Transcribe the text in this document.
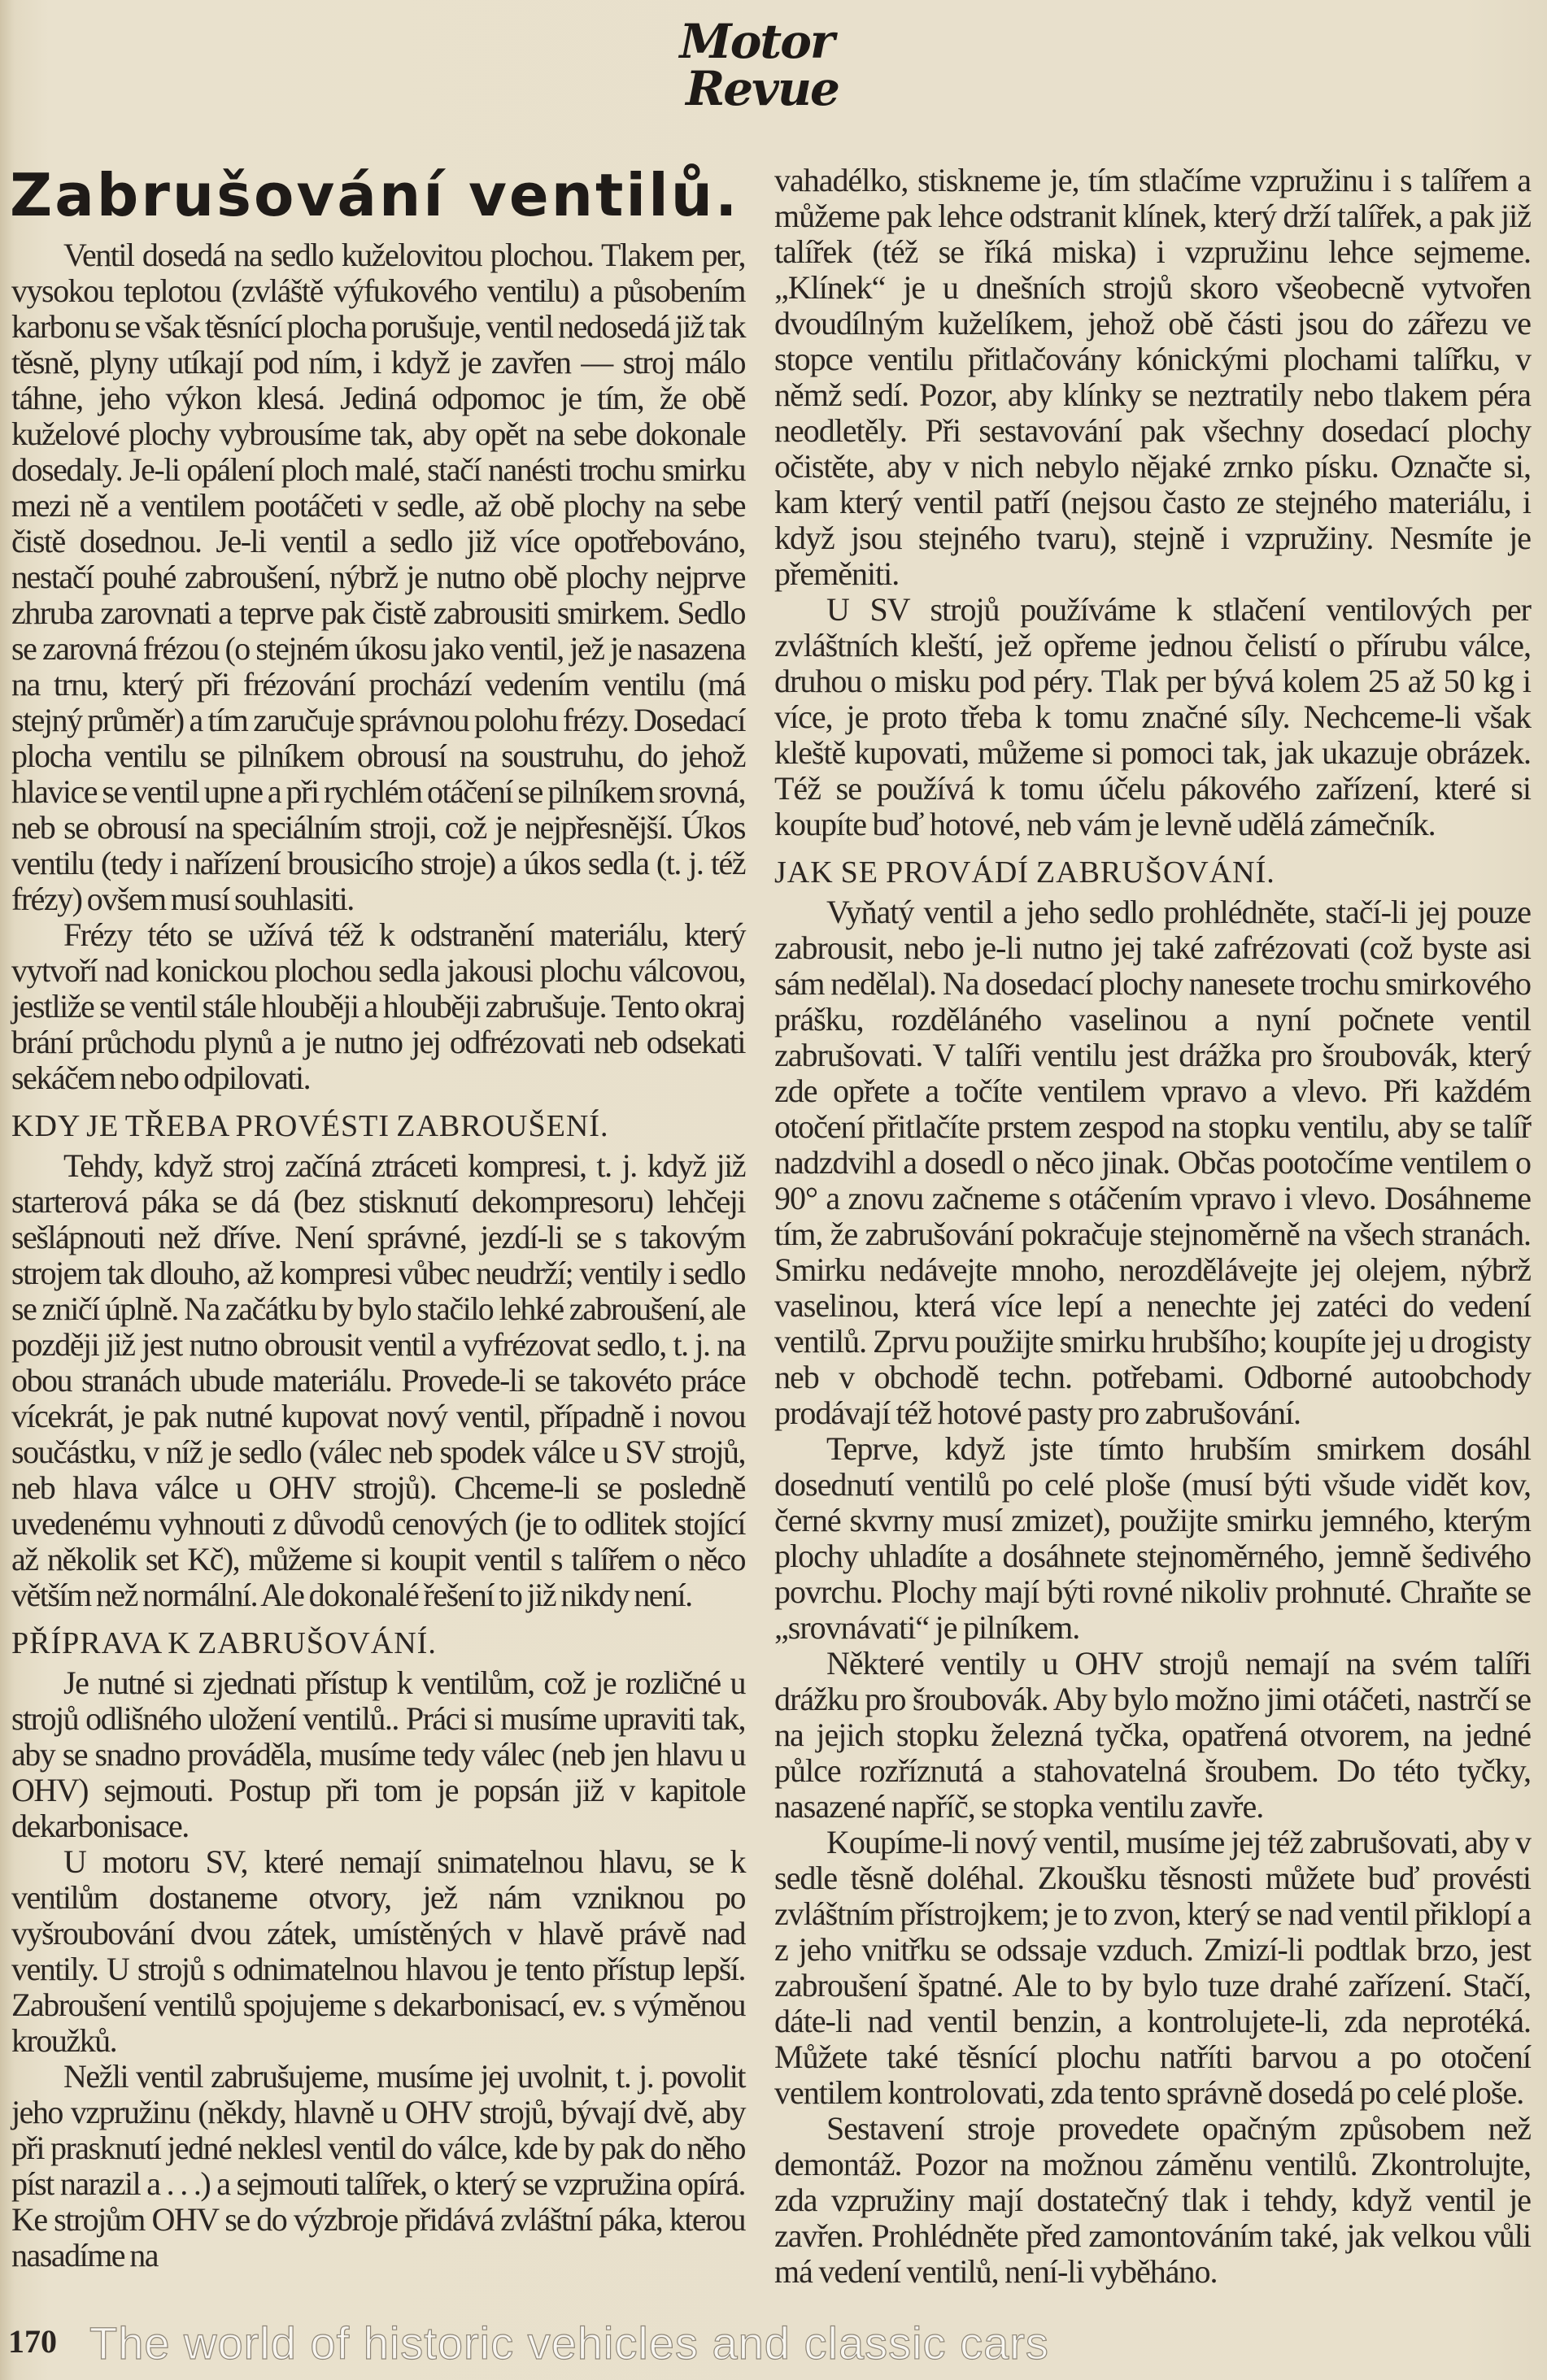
Motor
Revue
Zabrušování ventilů.

Ventil dosedá na sedlo kuželovitou plochou. Tlakem per, vysokou teplotou (zvláště výfukového ventilu) a působením karbonu se však těsnící plocha porušuje, ventil nedosedá již tak těsně, plyny utíkají pod ním, i když je zavřen — stroj málo táhne, jeho výkon klesá. Jediná odpomoc je tím, že obě kuželové plochy vybrousíme tak, aby opět na sebe dokonale dosedaly. Je-li opálení ploch malé, stačí nanésti trochu smirku mezi ně a ventilem pootáčeti v sedle, až obě plochy na sebe čistě dosednou. Je-li ventil a sedlo již více opotřebováno, nestačí pouhé zabroušení, nýbrž je nutno obě plochy nejprve zhruba zarovnati a teprve pak čistě zabrousiti smirkem. Sedlo se zarovná frézou (o stejném úkosu jako ventil, jež je nasazena na trnu, který při frézování prochází vedením ventilu (má stejný průměr) a tím zaručuje správnou polohu frézy. Dosedací plocha ventilu se pilníkem obrousí na soustruhu, do jehož hlavice se ventil upne a při rychlém otáčení se pilníkem srovná, neb se obrousí na speciálním stroji, což je nejpřesnější. Úkos ventilu (tedy i nařízení brousicího stroje) a úkos sedla (t. j. též frézy) ovšem musí souhlasiti.

Frézy této se užívá též k odstranění materiálu, který vytvoří nad konickou plochou sedla jakousi plochu válcovou, jestliže se ventil stále hlouběji a hlouběji zabrušuje. Tento okraj brání průchodu plynů a je nutno jej odfrézovati neb odsekati sekáčem nebo odpilovati.

KDY JE TŘEBA PROVÉSTI ZABROUŠENÍ.

Tehdy, když stroj začíná ztráceti kompresi, t. j. když již starterová páka se dá (bez stisknutí dekompresoru) lehčeji sešlápnouti než dříve. Není správné, jezdí-li se s takovým strojem tak dlouho, až kompresi vůbec neudrží; ventily i sedlo se zničí úplně. Na začátku by bylo stačilo lehké zabroušení, ale později již jest nutno obrousit ventil a vyfrézovat sedlo, t. j. na obou stranách ubude materiálu. Provede-li se takovéto práce vícekrát, je pak nutné kupovat nový ventil, případně i novou součástku, v níž je sedlo (válec neb spodek válce u SV strojů, neb hlava válce u OHV strojů). Chceme-li se posledně uvedenému vyhnouti z důvodů cenových (je to odlitek stojící až několik set Kč), můžeme si koupit ventil s talířem o něco větším než normální. Ale dokonalé řešení to již nikdy není.

PŘÍPRAVA K ZABRUŠOVÁNÍ.

Je nutné si zjednati přístup k ventilům, což je rozličné u strojů odlišného uložení ventilů.. Práci si musíme upraviti tak, aby se snadno prováděla, musíme tedy válec (neb jen hlavu u OHV) sejmouti. Postup při tom je popsán již v kapitole dekarbonisace.

U motoru SV, které nemají snimatelnou hlavu, se k ventilům dostaneme otvory, jež nám vzniknou po vyšroubování dvou zátek, umístěných v hlavě právě nad ventily. U strojů s odnimatelnou hlavou je tento přístup lepší. Zabroušení ventilů spojujeme s dekarbonisací, ev. s výměnou kroužků.

Nežli ventil zabrušujeme, musíme jej uvolnit, t. j. povolit jeho vzpružinu (někdy, hlavně u OHV strojů, bývají dvě, aby při prasknutí jedné neklesl ventil do válce, kde by pak do něho píst narazil a . . .) a sejmouti talířek, o který se vzpružina opírá. Ke strojům OHV se do výzbroje přidává zvláštní páka, kterou nasadíme na

vahadélko, stiskneme je, tím stlačíme vzpružinu i s talířem a můžeme pak lehce odstranit klínek, který drží talířek, a pak již talířek (též se říká miska) i vzpružinu lehce sejmeme. „Klínek“ je u dnešních strojů skoro všeobecně vytvořen dvoudílným kuželíkem, jehož obě části jsou do zářezu ve stopce ventilu přitlačovány kónickými plochami talířku, v němž sedí. Pozor, aby klínky se neztratily nebo tlakem péra neodletěly. Při sestavování pak všechny dosedací plochy očistěte, aby v nich nebylo nějaké zrnko písku. Označte si, kam který ventil patří (nejsou často ze stejného materiálu, i když jsou stejného tvaru), stejně i vzpružiny. Nesmíte je přeměniti.

U SV strojů používáme k stlačení ventilových per zvláštních kleští, jež opřeme jednou čelistí o přírubu válce, druhou o misku pod péry. Tlak per bývá kolem 25 až 50 kg i více, je proto třeba k tomu značné síly. Nechceme-li však kleště kupovati, můžeme si pomoci tak, jak ukazuje obrázek. Též se používá k tomu účelu pákového zařízení, které si koupíte buď hotové, neb vám je levně udělá zámečník.

JAK SE PROVÁDÍ ZABRUŠOVÁNÍ.

Vyňatý ventil a jeho sedlo prohlédněte, stačí-li jej pouze zabrousit, nebo je-li nutno jej také zafrézovati (což byste asi sám nedělal). Na dosedací plochy nanesete trochu smirkového prášku, rozděláného vaselinou a nyní počnete ventil zabrušovati. V talíři ventilu jest drážka pro šroubovák, který zde opřete a točíte ventilem vpravo a vlevo. Při každém otočení přitlačíte prstem zespod na stopku ventilu, aby se talíř nadzdvihl a dosedl o něco jinak. Občas pootočíme ventilem o 90° a znovu začneme s otáčením vpravo i vlevo. Dosáhneme tím, že zabrušování pokračuje stejnoměrně na všech stranách. Smirku nedávejte mnoho, nerozdělávejte jej olejem, nýbrž vaselinou, která více lepí a nenechte jej zatéci do vedení ventilů. Zprvu použijte smirku hrubšího; koupíte jej u drogisty neb v obchodě techn. potřebami. Odborné autoobchody prodávají též hotové pasty pro zabrušování.

Teprve, když jste tímto hrubším smirkem dosáhl dosednutí ventilů po celé ploše (musí býti všude vidět kov, černé skvrny musí zmizet), použijte smirku jemného, kterým plochy uhladíte a dosáhnete stejnoměrného, jemně šedivého povrchu. Plochy mají býti rovné nikoliv prohnuté. Chraňte se „srovnávati“ je pilníkem.

Některé ventily u OHV strojů nemají na svém talíři drážku pro šroubovák. Aby bylo možno jimi otáčeti, nastrčí se na jejich stopku železná tyčka, opatřená otvorem, na jedné půlce rozříznutá a stahovatelná šroubem. Do této tyčky, nasazené napříč, se stopka ventilu zavře.

Koupíme-li nový ventil, musíme jej též zabrušovati, aby v sedle těsně doléhal. Zkoušku těsnosti můžete buď provésti zvláštním přístrojkem; je to zvon, který se nad ventil přiklopí a z jeho vnitřku se odssaje vzduch. Zmizí-li podtlak brzo, jest zabroušení špatné. Ale to by bylo tuze drahé zařízení. Stačí, dáte-li nad ventil benzin, a kontrolujete-li, zda neprotéká. Můžete také těsnící plochu natříti barvou a po otočení ventilem kontrolovati, zda tento správně dosedá po celé ploše.

Sestavení stroje provedete opačným způsobem než demontáž. Pozor na možnou záměnu ventilů. Zkontrolujte, zda vzpružiny mají dostatečný tlak i tehdy, když ventil je zavřen. Prohlédněte před zamontováním také, jak velkou vůli má vedení ventilů, není-li vyběháno.

170 The world of historic vehicles and classic cars
